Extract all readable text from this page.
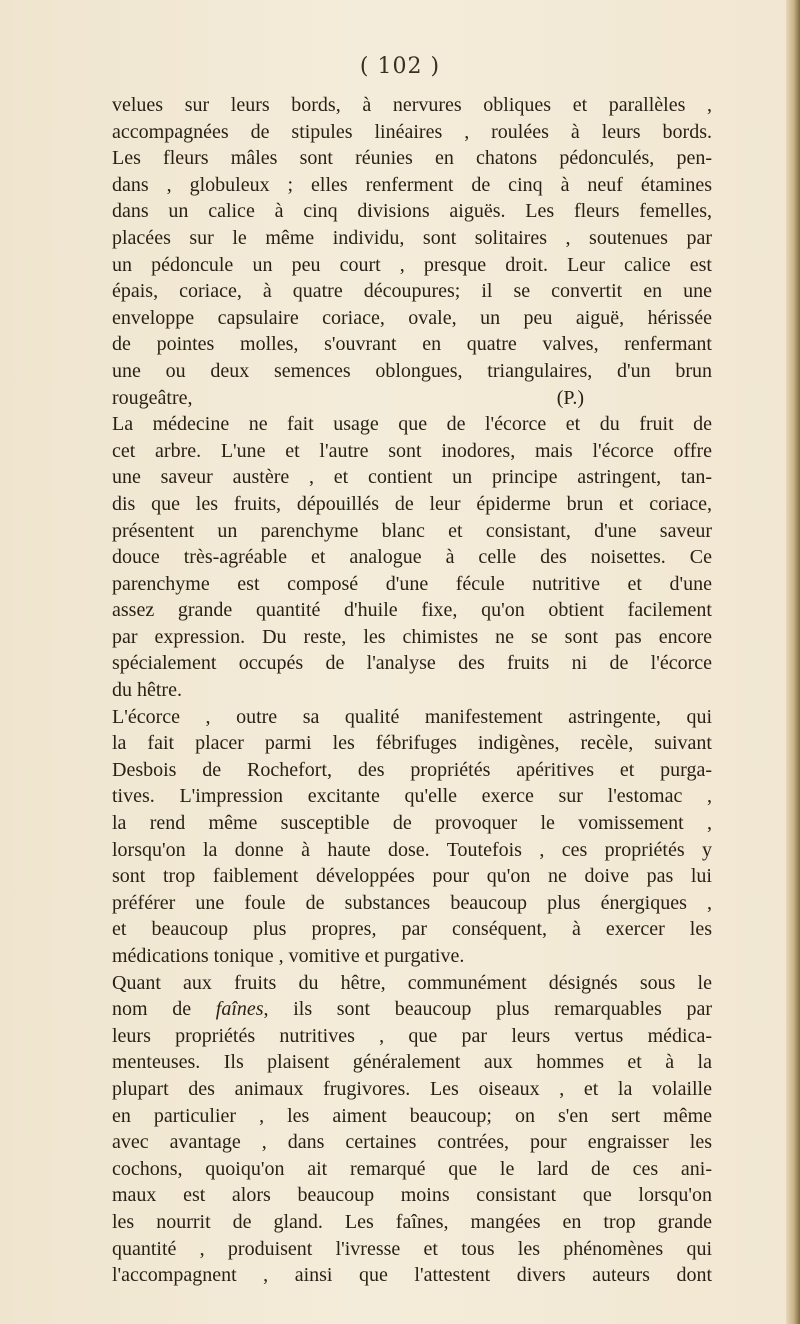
( 102 )
velues sur leurs bords, à nervures obliques et parallèles ,
accompagnées de stipules linéaires , roulées à leurs bords.
Les fleurs mâles sont réunies en chatons pédonculés, pen-
dans , globuleux ; elles renferment de cinq à neuf étamines
dans un calice à cinq divisions aiguës. Les fleurs femelles,
placées sur le même individu, sont solitaires , soutenues par
un pédoncule un peu court , presque droit. Leur calice est
épais, coriace, à quatre découpures; il se convertit en une
enveloppe capsulaire coriace, ovale, un peu aiguë, hérissée
de pointes molles, s'ouvrant en quatre valves, renfermant
une ou deux semences oblongues, triangulaires, d'un brun
rougeâtre,	(P.)
La médecine ne fait usage que de l'écorce et du fruit de
cet arbre. L'une et l'autre sont inodores, mais l'écorce offre
une saveur austère , et contient un principe astringent, tan-
dis que les fruits, dépouillés de leur épiderme brun et coriace,
présentent un parenchyme blanc et consistant, d'une saveur
douce très-agréable et analogue à celle des noisettes. Ce
parenchyme est composé d'une fécule nutritive et d'une
assez grande quantité d'huile fixe, qu'on obtient facilement
par expression. Du reste, les chimistes ne se sont pas encore
spécialement occupés de l'analyse des fruits ni de l'écorce
du hêtre.
L'écorce , outre sa qualité manifestement astringente, qui
la fait placer parmi les fébrifuges indigènes, recèle, suivant
Desbois de Rochefort, des propriétés apéritives et purga-
tives. L'impression excitante qu'elle exerce sur l'estomac ,
la rend même susceptible de provoquer le vomissement ,
lorsqu'on la donne à haute dose. Toutefois , ces propriétés y
sont trop faiblement développées pour qu'on ne doive pas lui
préférer une foule de substances beaucoup plus énergiques ,
et beaucoup plus propres, par conséquent, à exercer les
médications tonique , vomitive et purgative.
Quant aux fruits du hêtre, communément désignés sous le
nom de faînes, ils sont beaucoup plus remarquables par
leurs propriétés nutritives , que par leurs vertus médica-
menteuses. Ils plaisent généralement aux hommes et à la
plupart des animaux frugivores. Les oiseaux , et la volaille
en particulier , les aiment beaucoup; on s'en sert même
avec avantage , dans certaines contrées, pour engraisser les
cochons, quoiqu'on ait remarqué que le lard de ces ani-
maux est alors beaucoup moins consistant que lorsqu'on
les nourrit de gland. Les faînes, mangées en trop grande
quantité , produisent l'ivresse et tous les phénomènes qui
l'accompagnent , ainsi que l'attestent divers auteurs dont
